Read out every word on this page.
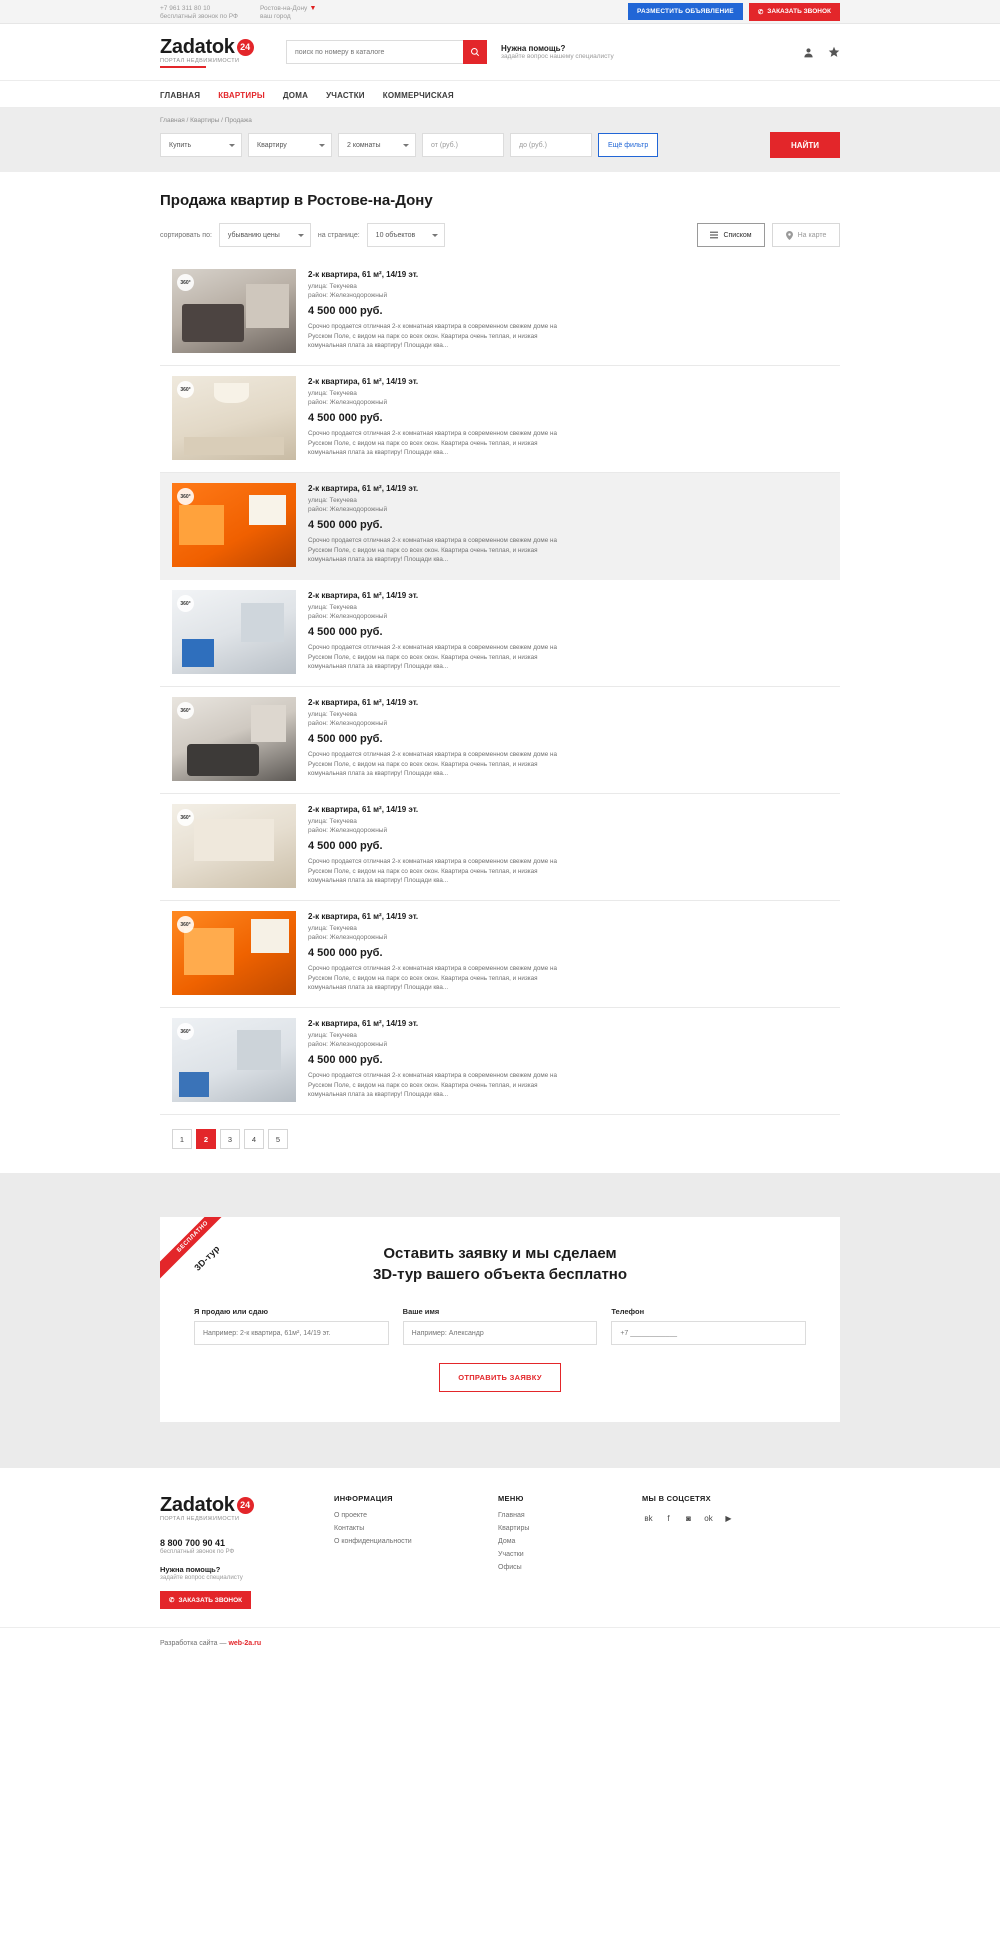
+7 961 311 80 10
бесплатный звонок по РФ
Ростов-на-Дону ▼
ваш город
РАЗМЕСТИТЬ ОБЪЯВЛЕНИЕ	✆ ЗАКАЗАТЬ ЗВОНОК
Zadatok 24
ПОРТАЛ НЕДВИЖИМОСТИ
поиск по номеру в каталоге
Нужна помощь?
задайте вопрос нашему специалисту
ГЛАВНАЯ КВАРТИРЫ ДОМА УЧАСТКИ КОММЕРЧИСКАЯ
Главная / Квартиры / Продажа
Купить	Квартиру	2 комнаты	от (руб.)	до (руб.)	Ещё фильтр	НАЙТИ
Продажа квартир в Ростове-на-Дону
сортировать по:	убыванию цены	на странице:	10 объектов	Списком	На карте
360°
2-к квартира, 61 м², 14/19 эт.
улица: Текучева
район: Железнодорожный
4 500 000 руб.
Срочно продается отличная 2-х комнатная квартира в современном свежем доме на Русском Поле, с видом на парк со всех окон. Квартира очень теплая, и низкая комунальная плата за квартиру! Площади ква...
360°
2-к квартира, 61 м², 14/19 эт.
улица: Текучева
район: Железнодорожный
4 500 000 руб.
Срочно продается отличная 2-х комнатная квартира в современном свежем доме на Русском Поле, с видом на парк со всех окон. Квартира очень теплая, и низкая комунальная плата за квартиру! Площади ква...
360°
2-к квартира, 61 м², 14/19 эт.
улица: Текучева
район: Железнодорожный
4 500 000 руб.
Срочно продается отличная 2-х комнатная квартира в современном свежем доме на Русском Поле, с видом на парк со всех окон. Квартира очень теплая, и низкая комунальная плата за квартиру! Площади ква...
360°
2-к квартира, 61 м², 14/19 эт.
улица: Текучева
район: Железнодорожный
4 500 000 руб.
Срочно продается отличная 2-х комнатная квартира в современном свежем доме на Русском Поле, с видом на парк со всех окон. Квартира очень теплая, и низкая комунальная плата за квартиру! Площади ква...
360°
2-к квартира, 61 м², 14/19 эт.
улица: Текучева
район: Железнодорожный
4 500 000 руб.
Срочно продается отличная 2-х комнатная квартира в современном свежем доме на Русском Поле, с видом на парк со всех окон. Квартира очень теплая, и низкая комунальная плата за квартиру! Площади ква...
360°
2-к квартира, 61 м², 14/19 эт.
улица: Текучева
район: Железнодорожный
4 500 000 руб.
Срочно продается отличная 2-х комнатная квартира в современном свежем доме на Русском Поле, с видом на парк со всех окон. Квартира очень теплая, и низкая комунальная плата за квартиру! Площади ква...
360°
2-к квартира, 61 м², 14/19 эт.
улица: Текучева
район: Железнодорожный
4 500 000 руб.
Срочно продается отличная 2-х комнатная квартира в современном свежем доме на Русском Поле, с видом на парк со всех окон. Квартира очень теплая, и низкая комунальная плата за квартиру! Площади ква...
360°
2-к квартира, 61 м², 14/19 эт.
улица: Текучева
район: Железнодорожный
4 500 000 руб.
Срочно продается отличная 2-х комнатная квартира в современном свежем доме на Русском Поле, с видом на парк со всех окон. Квартира очень теплая, и низкая комунальная плата за квартиру! Площади ква...
1	2	3	4	5
БЕСПЛАТНО
3D-тур	Оставить заявку и мы сделаем
3D-тур вашего объекта бесплатно
Я продаю или сдаю
Например: 2-к квартира, 61м², 14/19 эт.	Ваше имя
Например: Александр	Телефон
+7 ____________
ОТПРАВИТЬ ЗАЯВКУ
Zadatok 24
ПОРТАЛ НЕДВИЖИМОСТИ
8 800 700 90 41
бесплатный звонок по РФ
Нужна помощь?
задайте вопрос специалисту
✆ ЗАКАЗАТЬ ЗВОНОК
ИНФОРМАЦИЯ
О проекте
Контакты
О конфиденциальности
МЕНЮ
Главная
Квартиры
Дома
Участки
Офисы
МЫ В СОЦСЕТЯХ
вk	f	◙	ok	▶
Разработка сайта — web-2a.ru
